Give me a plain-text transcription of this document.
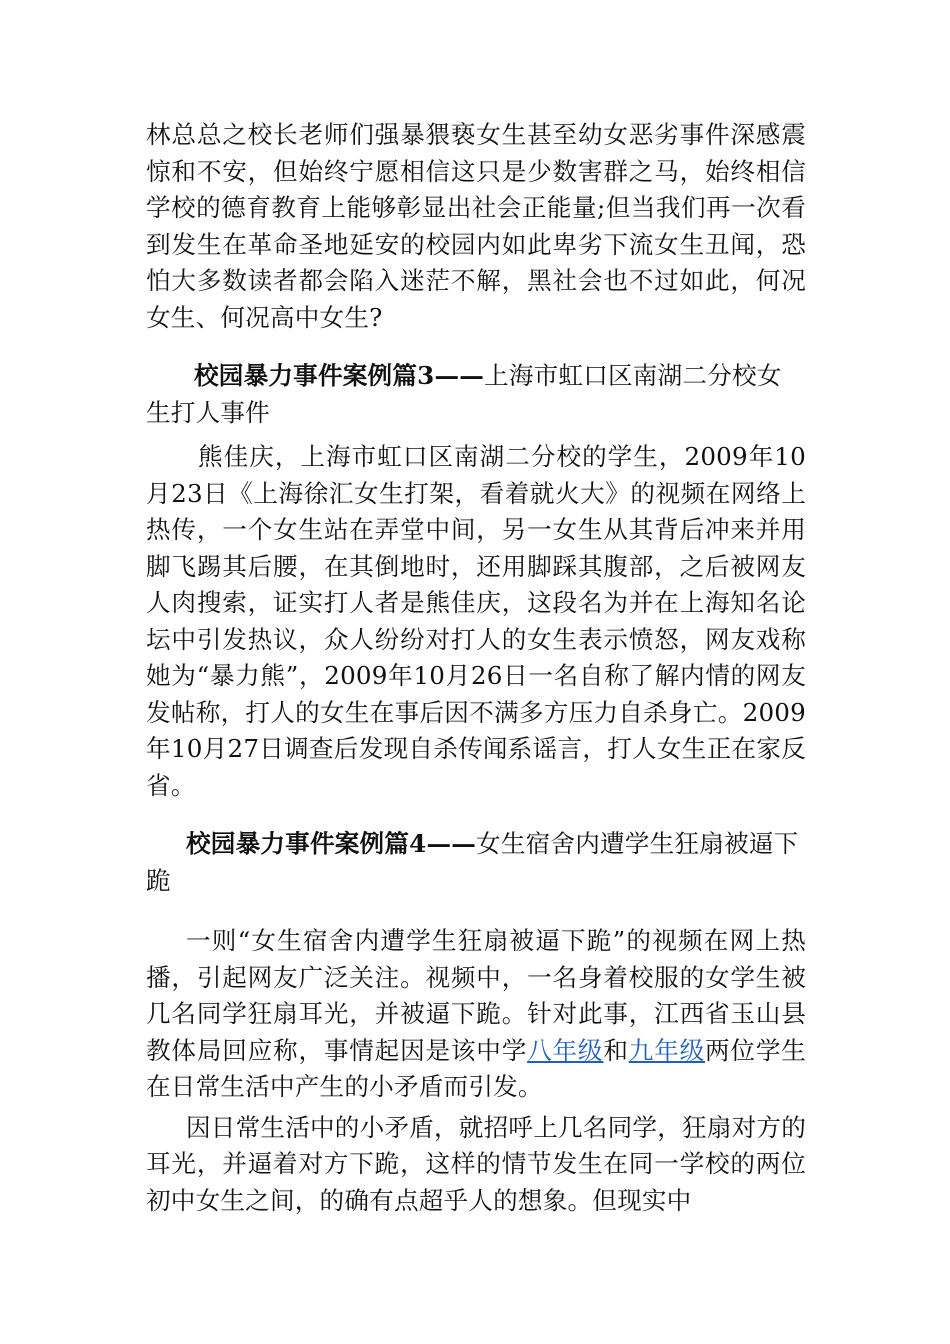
林总总之校长老师们强暴猥亵女生甚至幼女恶劣事件深感震惊和不安，但始终宁愿相信这只是少数害群之马，始终相信学校的德育教育上能够彰显出社会正能量;但当我们再一次看到发生在革命圣地延安的校园内如此卑劣下流女生丑闻，恐怕大多数读者都会陷入迷茫不解，黑社会也不过如此，何况女生、何况高中女生?

校园暴力事件案例篇3——上海市虹口区南湖二分校女生打人事件

熊佳庆，上海市虹口区南湖二分校的学生，2009年10月23日《上海徐汇女生打架，看着就火大》的视频在网络上热传，一个女生站在弄堂中间，另一女生从其背后冲来并用脚飞踢其后腰，在其倒地时，还用脚踩其腹部，之后被网友人肉搜索，证实打人者是熊佳庆，这段名为并在上海知名论坛中引发热议，众人纷纷对打人的女生表示愤怒，网友戏称她为“暴力熊”，2009年10月26日一名自称了解内情的网友发帖称，打人的女生在事后因不满多方压力自杀身亡。2009年10月27日调查后发现自杀传闻系谣言，打人女生正在家反省。

校园暴力事件案例篇4——女生宿舍内遭学生狂扇被逼下跪

一则“女生宿舍内遭学生狂扇被逼下跪”的视频在网上热播，引起网友广泛关注。视频中，一名身着校服的女学生被几名同学狂扇耳光，并被逼下跪。针对此事，江西省玉山县教体局回应称，事情起因是该中学八年级和九年级两位学生在日常生活中产生的小矛盾而引发。

因日常生活中的小矛盾，就招呼上几名同学，狂扇对方的耳光，并逼着对方下跪，这样的情节发生在同一学校的两位初中女生之间，的确有点超乎人的想象。但现实中
